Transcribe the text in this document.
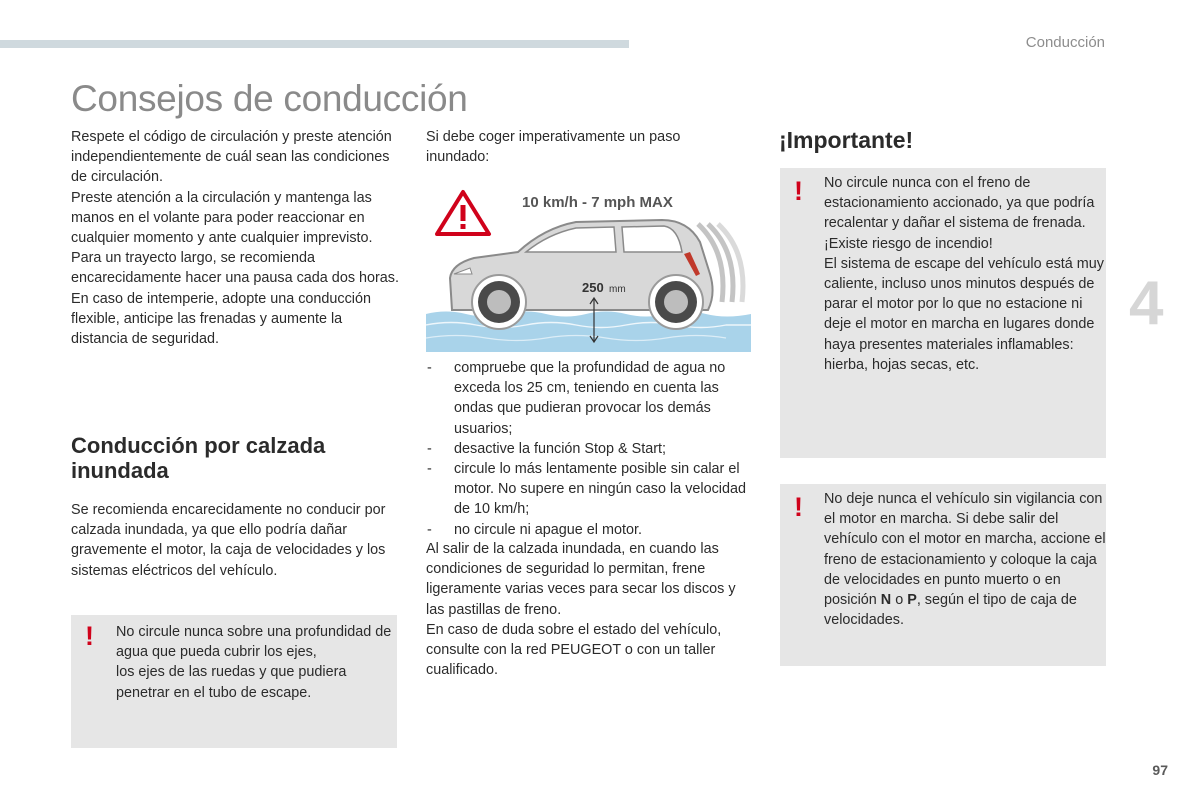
Conducción
Consejos de conducción

Respete el código de circulación y preste atención independientemente de cuál sean las condiciones de circulación.

Preste atención a la circulación y mantenga las manos en el volante para poder reaccionar en cualquier momento y ante cualquier imprevisto.

Para un trayecto largo, se recomienda encarecidamente hacer una pausa cada dos horas.

En caso de intemperie, adopte una conducción flexible, anticipe las frenadas y aumente la distancia de seguridad.

Conducción por calzada inundada
Se recomienda encarecidamente no conducir por calzada inundada, ya que ello podría dañar gravemente el motor, la caja de velocidades y los sistemas eléctricos del vehículo.
! No circule nunca sobre una profundidad de agua que pueda cubrir los ejes,

los ejes de las ruedas y que pudiera penetrar en el tubo de escape.

Si debe coger imperativamente un paso inundado:
10 km/h - 7 mph MAX
250 mm
- compruebe que la profundidad de agua no exceda los 25 cm, teniendo en cuenta las ondas que pudieran provocar los demás usuarios;
- desactive la función Stop & Start;
- circule lo más lentamente posible sin calar el motor. No supere en ningún caso la velocidad de 10 km/h;
- no circule ni apague el motor.

Al salir de la calzada inundada, en cuando las condiciones de seguridad lo permitan, frene ligeramente varias veces para secar los discos y las pastillas de freno.

En caso de duda sobre el estado del vehículo, consulte con la red PEUGEOT o con un taller cualificado.

¡Importante!
! No circule nunca con el freno de estacionamiento accionado, ya que podría recalentar y dañar el sistema de frenada.

¡Existe riesgo de incendio!

El sistema de escape del vehículo está muy caliente, incluso unos minutos después de parar el motor por lo que no estacione ni deje el motor en marcha en lugares donde haya presentes materiales inflamables: hierba, hojas secas, etc.

! No deje nunca el vehículo sin vigilancia con el motor en marcha. Si debe salir del vehículo con el motor en marcha, accione el freno de estacionamiento y coloque la caja de velocidades en punto muerto o en posición N o P, según el tipo de caja de velocidades.
4
97
